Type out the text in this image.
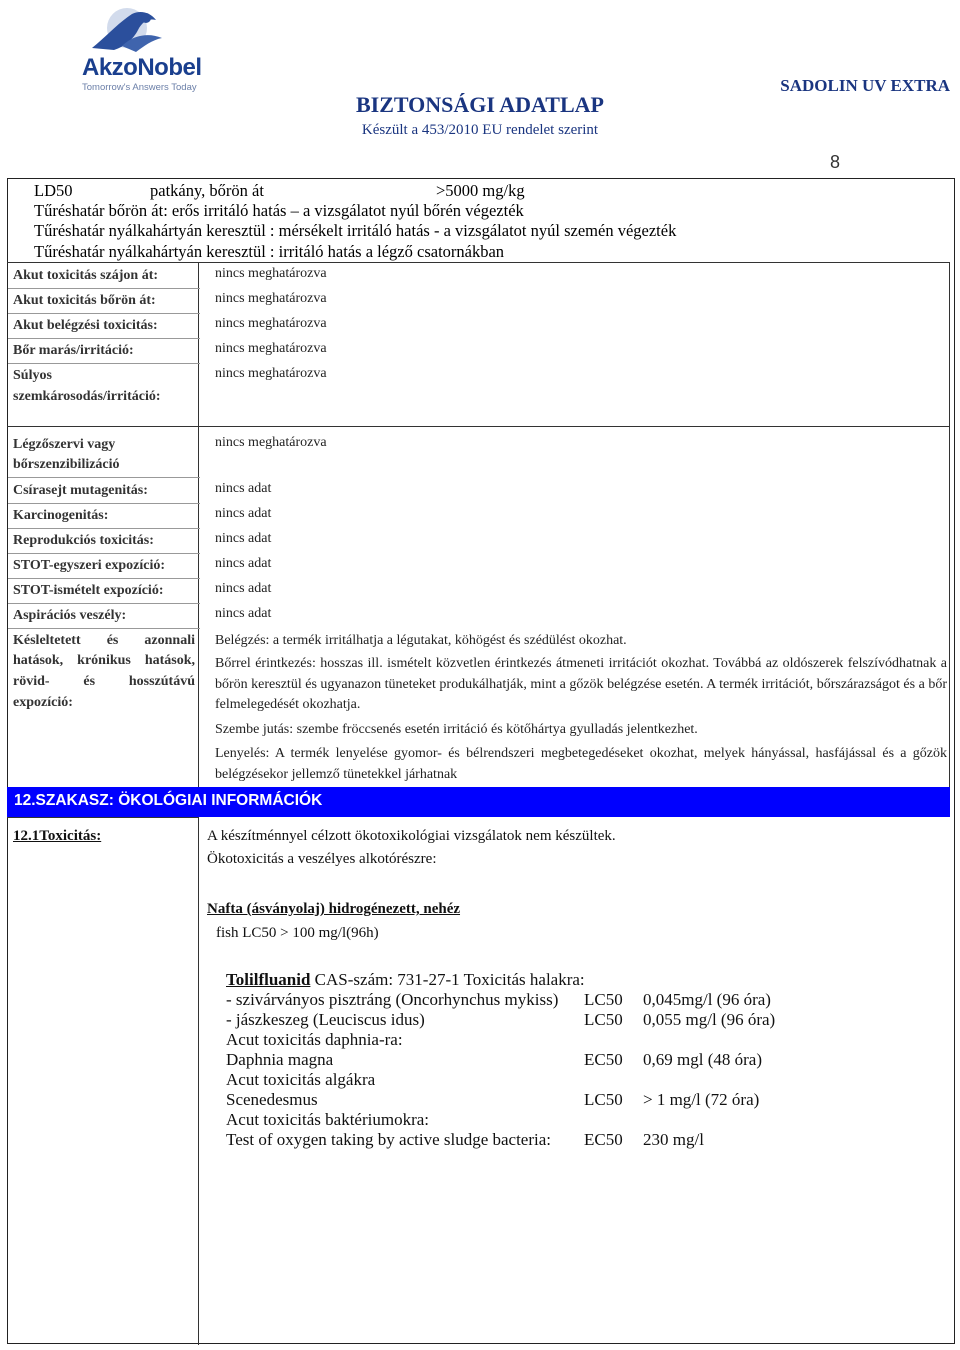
AkzoNobel
Tomorrow's Answers Today
BIZTONSÁGI ADATLAP
Készült a 453/2010 EU rendelet szerint
SADOLIN UV EXTRA
8
LD50	patkány, bőrön át	>5000 mg/kg
Tűréshatár bőrön át: erős irritáló hatás – a vizsgálatot nyúl bőrén végezték
Tűréshatár nyálkahártyán keresztül : mérsékelt irritáló hatás - a vizsgálatot nyúl szemén végezték
Tűréshatár nyálkahártyán keresztül : irritáló hatás a légző csatornákban
Akut toxicitás szájon át:	nincs meghatározva
Akut toxicitás bőrön át:	nincs meghatározva
Akut belégzési toxicitás:	nincs meghatározva
Bőr marás/irritáció:	nincs meghatározva
Súlyos
szemkárosodás/irritáció:
nincs meghatározva
Légzőszervi vagy
bőrszenzibilizáció
nincs meghatározva
Csírasejt mutagenitás:	nincs adat
Karcinogenitás:	nincs adat
Reprodukciós toxicitás:	nincs adat
STOT-egyszeri expozíció:	nincs adat
STOT-ismételt expozíció:	nincs adat
Aspirációs veszély:	nincs adat
Késleltetett és azonnali
hatások, krónikus hatások,
rövid- és hosszútávú
expozíció:
Belégzés: a termék irritálhatja a légutakat, köhögést és szédülést okozhat.
Bőrrel érintkezés: hosszas ill. ismételt közvetlen érintkezés átmeneti irritációt okozhat. Továbbá az oldószerek felszívódhatnak a bőrön keresztül és ugyanazon tüneteket produkálhatják, mint a gőzök belégzése esetén. A termék irritációt, bőrszárazságot és a bőr felmelegedését okozhatja.
Szembe jutás: szembe fröccsenés esetén irritáció és kötőhártya gyulladás jelentkezhet.
Lenyelés: A termék lenyelése gyomor- és bélrendszeri megbetegedéseket okozhat, melyek hányással, hasfájással és a gőzök belégzésekor jellemző tünetekkel járhatnak
12.SZAKASZ: ÖKOLÓGIAI INFORMÁCIÓK
12.1Toxicitás:	A készítménnyel célzott ökotoxikológiai vizsgálatok nem készültek.
Ökotoxicitás a veszélyes alkotórészre:
Nafta (ásványolaj) hidrogénezett, nehéz
fish LC50 > 100 mg/l(96h)
Tolilfluanid CAS-szám: 731-27-1 Toxicitás halakra:
- szivárványos pisztráng (Oncorhynchus mykiss) LC50 0,045mg/l (96 óra)
- jászkeszeg (Leuciscus idus)	LC50 0,055 mg/l (96 óra)
Acut toxicitás daphnia-ra:
Daphnia magna	EC50 0,69 mgl (48 óra)
Acut toxicitás algákra
Scenedesmus	LC50 > 1 mg/l (72 óra)
Acut toxicitás baktériumokra:
Test of oxygen taking by active sludge bacteria: EC50 230 mg/l
